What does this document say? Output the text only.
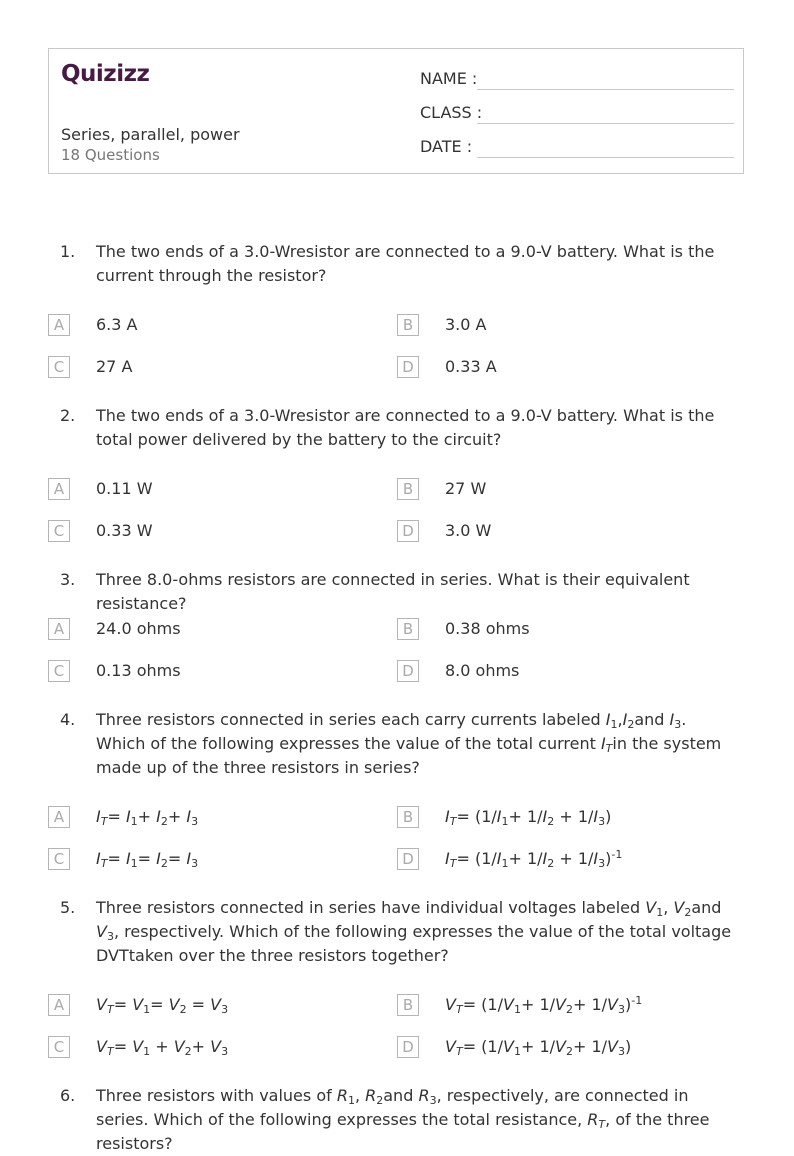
Quizizz
Series, parallel, power
18 Questions
NAME :
CLASS :
DATE :
1. The two ends of a 3.0-Wresistor are connected to a 9.0-V battery. What is the current through the resistor?
A	6.3 A	B	3.0 A
C	27 A	D	0.33 A
2. The two ends of a 3.0-Wresistor are connected to a 9.0-V battery. What is the total power delivered by the battery to the circuit?
A	0.11 W	B	27 W
C	0.33 W	D	3.0 W
3. Three 8.0-ohms resistors are connected in series. What is their equivalent resistance?
A	24.0 ohms	B	0.38 ohms
C	0.13 ohms	D	8.0 ohms
4. Three resistors connected in series each carry currents labeled $I_1,I_2and$ $I_3$. Which of the following expresses the value of the total current $I_Tin$ the system made up of the three resistors in series?
A	$I_T= I_1+ I_2+ I_3$	B	$I_T= (1/I_1+ 1/I_2 + 1/I_3)$
C	$I_T= I_1= I_2= I_3$	D	$I_T= (1/I_1+ 1/I_2 + 1/I_3)^{-1}$
5. Three resistors connected in series have individual voltages labeled $V_1$, $V_2and$ $V_3$, respectively. Which of the following expresses the value of the total voltage DVTtaken over the three resistors together?
A	$V_T= V_1= V_2 = V_3$	B	$V_T= (1/V_1+ 1/V_2+ 1/V_3)^{-1}$
C	$V_T= V_1 + V_2+ V_3$	D	$V_T= (1/V_1+ 1/V_2+ 1/V_3)$
6. Three resistors with values of $R_1$, $R_2and$ $R_3$, respectively, are connected in series. Which of the following expresses the total resistance, $R_T$, of the three resistors?
